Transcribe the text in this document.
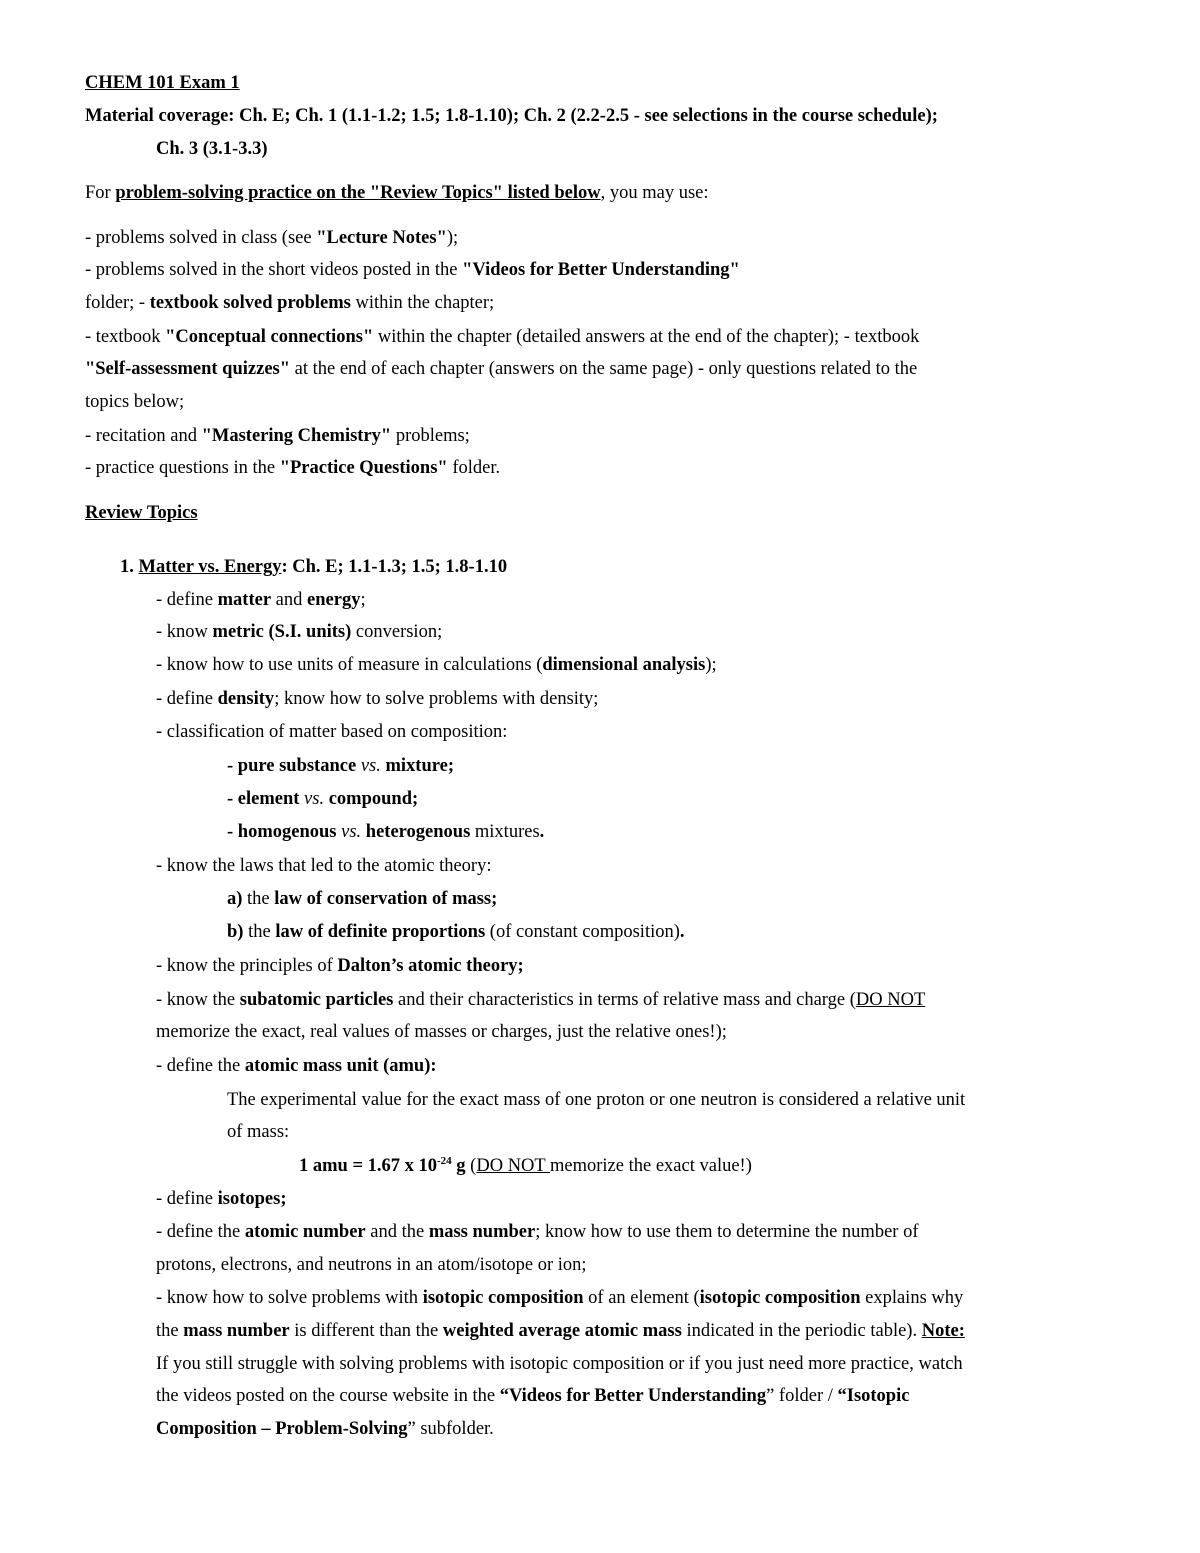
CHEM 101 Exam 1
Material coverage: Ch. E; Ch. 1 (1.1-1.2; 1.5; 1.8-1.10); Ch. 2 (2.2-2.5 - see selections in the course schedule);
Ch. 3 (3.1-3.3)
For problem-solving practice on the "Review Topics" listed below, you may use:
- problems solved in class (see "Lecture Notes");
- problems solved in the short videos posted in the "Videos for Better Understanding"
folder; - textbook solved problems within the chapter;
- textbook "Conceptual connections" within the chapter (detailed answers at the end of the chapter); - textbook
"Self-assessment quizzes" at the end of each chapter (answers on the same page) - only questions related to the
topics below;
- recitation and "Mastering Chemistry" problems;
- practice questions in the "Practice Questions" folder.
Review Topics
1. Matter vs. Energy: Ch. E; 1.1-1.3; 1.5; 1.8-1.10
- define matter and energy;
- know metric (S.I. units) conversion;
- know how to use units of measure in calculations (dimensional analysis);
- define density; know how to solve problems with density;
- classification of matter based on composition:
- pure substance vs. mixture;
- element vs. compound;
- homogenous vs. heterogenous mixtures.
- know the laws that led to the atomic theory:
a) the law of conservation of mass;
b) the law of definite proportions (of constant composition).
- know the principles of Dalton’s atomic theory;
- know the subatomic particles and their characteristics in terms of relative mass and charge (DO NOT
memorize the exact, real values of masses or charges, just the relative ones!);
- define the atomic mass unit (amu):
The experimental value for the exact mass of one proton or one neutron is considered a relative unit
of mass:
1 amu = 1.67 x $10^{-24}$ g (DO NOT memorize the exact value!)
- define isotopes;
- define the atomic number and the mass number; know how to use them to determine the number of
protons, electrons, and neutrons in an atom/isotope or ion;
- know how to solve problems with isotopic composition of an element (isotopic composition explains why
the mass number is different than the weighted average atomic mass indicated in the periodic table). Note:
If you still struggle with solving problems with isotopic composition or if you just need more practice, watch
the videos posted on the course website in the “Videos for Better Understanding” folder / “Isotopic
Composition – Problem-Solving” subfolder.
